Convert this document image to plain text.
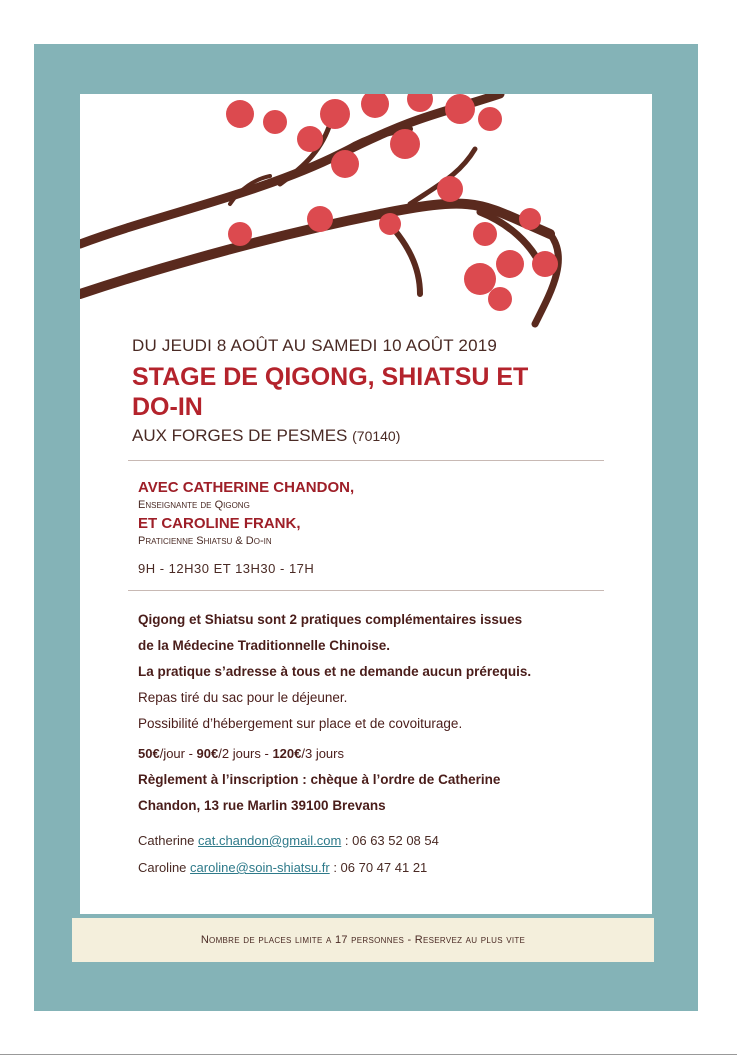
DU JEUDI 8 AOÛT AU SAMEDI 10 AOÛT 2019
STAGE DE QIGONG, SHIATSU ET
DO-IN
AUX FORGES DE PESMES (70140)
AVEC CATHERINE CHANDON,
Enseignante de Qigong
ET CAROLINE FRANK,
Praticienne Shiatsu & Do-in
9H - 12H30 ET 13H30 - 17H
Qigong et Shiatsu sont 2 pratiques complémentaires issues
de la Médecine Traditionnelle Chinoise.
La pratique s’adresse à tous et ne demande aucun prérequis.
Repas tiré du sac pour le déjeuner.
Possibilité d’hébergement sur place et de covoiturage.
50€/jour - 90€/2 jours - 120€/3 jours
Règlement à l’inscription : chèque à l’ordre de Catherine
Chandon, 13 rue Marlin 39100 Brevans
Catherine cat.chandon@gmail.com : 06 63 52 08 54
Caroline caroline@soin-shiatsu.fr : 06 70 47 41 21
Nombre de places limite a 17 personnes - Reservez au plus vite
